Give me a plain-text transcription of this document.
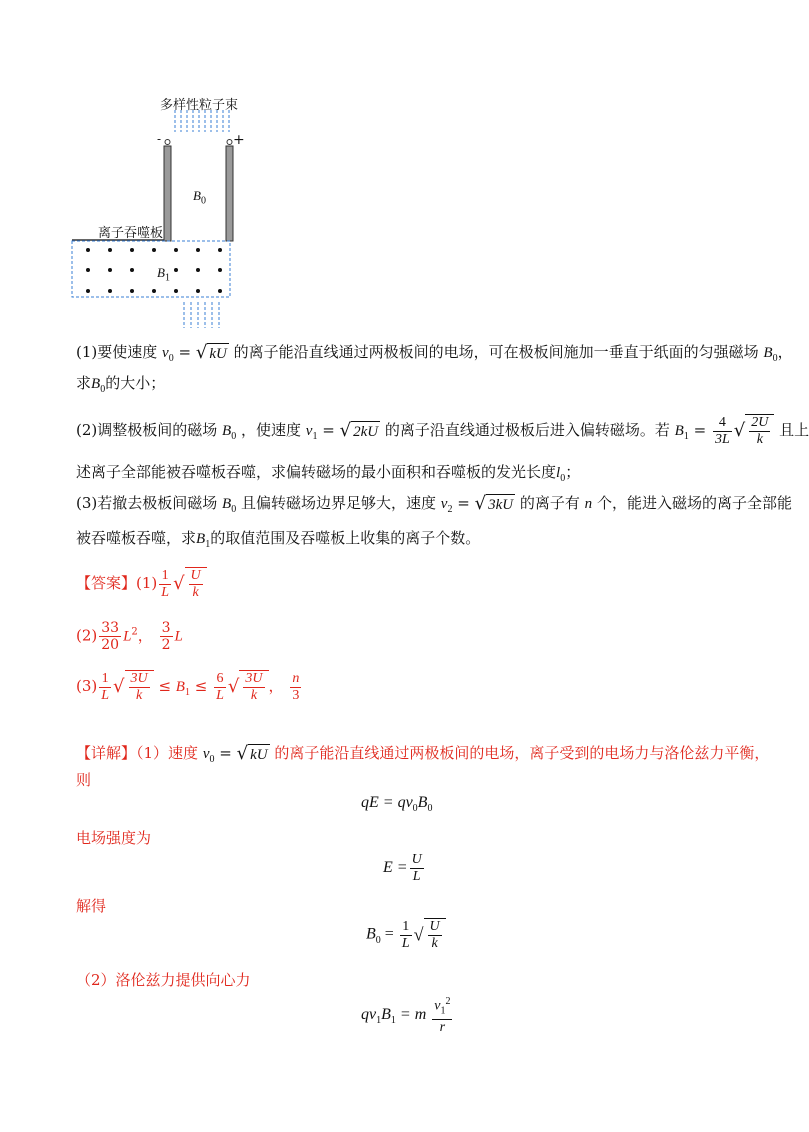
多样性粒子束
-	+
$B_0$
离子吞噬板
$B_1$
(1)要使速度 $v_0$ = √ kU 的离子能沿直线通过两极板间的电场，可在极板间施加一垂直于纸面的匀强磁场 $B_0$，
求$B_0$的大小；
(2)调整极板间的磁场 $B_0$ ，使速度 $v_1$ = √ 2kU 的离子沿直线通过极板后进入偏转磁场。若 $B_1 = \frac{4}{3L}$ √ $\frac{2U}{k}$ 且上
述离子全部能被吞噬板吞噬，求偏转磁场的最小面积和吞噬板的发光长度$l_0$；
(3)若撤去极板间磁场 $B_0$ 且偏转磁场边界足够大，速度 $v_2$ = √ 3kU 的离子有 n 个，能进入磁场的离子全部能
被吞噬板吞噬，求$B_1$的取值范围及吞噬板上收集的离子个数。
【答案】$(1) \frac{1}{L}$ √ $\frac{U}{k}$
$(2) \frac{33}{20} L^2$， $\frac{3}{2}$ L
$(3) \frac{1}{L}$ √ $\frac{3U}{k} \le B_1 \le \frac{6}{L}$ √ $\frac{3U}{k}$ ， $\frac{n}{3}$
【详解】（1）速度 $v_0$ = √ kU 的离子能沿直线通过两极板间的电场，离子受到的电场力与洛伦兹力平衡，
则
qE = $qv_0B_0$
电场强度为
$E = \frac{U}{L}$
解得
$B_0 = \frac{1}{L}$ √ $\frac{U}{k}$
（2）洛伦兹力提供向心力
$qv_1B_1 = m \frac{v_1^2}{r}$
